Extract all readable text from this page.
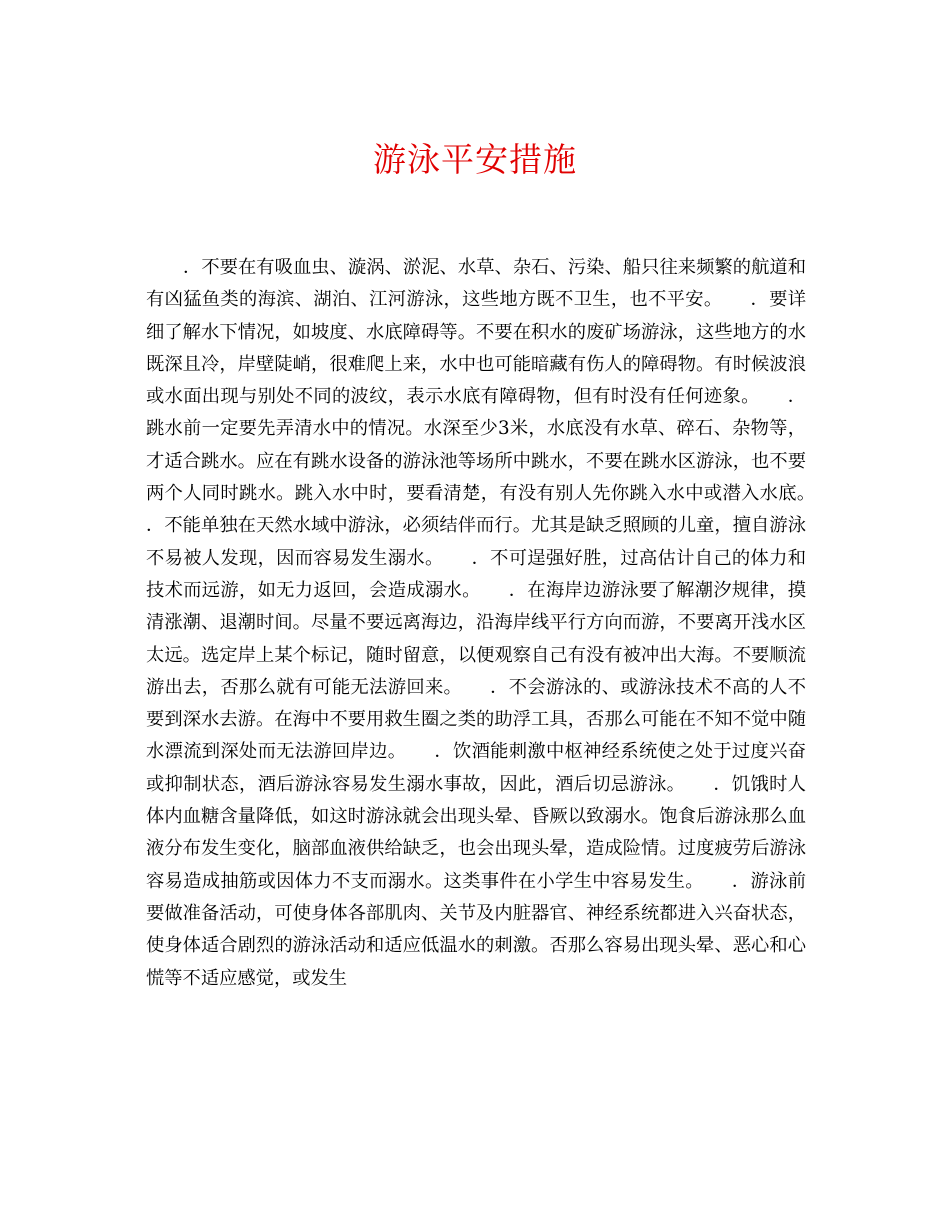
游泳平安措施

．不要在有吸血虫、漩涡、淤泥、水草、杂石、污染、船只往来频繁的航道和有凶猛鱼类的海滨、湖泊、江河游泳，这些地方既不卫生，也不平安。　　．要详细了解水下情况，如坡度、水底障碍等。不要在积水的废矿场游泳，这些地方的水既深且冷，岸壁陡峭，很难爬上来，水中也可能暗藏有伤人的障碍物。有时候波浪或水面出现与别处不同的波纹，表示水底有障碍物，但有时没有任何迹象。　　．跳水前一定要先弄清水中的情况。水深至少3米，水底没有水草、碎石、杂物等，才适合跳水。应在有跳水设备的游泳池等场所中跳水，不要在跳水区游泳，也不要两个人同时跳水。跳入水中时，要看清楚，有没有别人先你跳入水中或潜入水底。　　．不能单独在天然水域中游泳，必须结伴而行。尤其是缺乏照顾的儿童，擅自游泳不易被人发现，因而容易发生溺水。　　．不可逞强好胜，过高估计自己的体力和技术而远游，如无力返回，会造成溺水。　　．在海岸边游泳要了解潮汐规律，摸清涨潮、退潮时间。尽量不要远离海边，沿海岸线平行方向而游，不要离开浅水区太远。选定岸上某个标记，随时留意，以便观察自己有没有被冲出大海。不要顺流游出去，否那么就有可能无法游回来。　　．不会游泳的、或游泳技术不高的人不要到深水去游。在海中不要用救生圈之类的助浮工具，否那么可能在不知不觉中随水漂流到深处而无法游回岸边。　　．饮酒能刺激中枢神经系统使之处于过度兴奋或抑制状态，酒后游泳容易发生溺水事故，因此，酒后切忌游泳。　　．饥饿时人体内血糖含量降低，如这时游泳就会出现头晕、昏厥以致溺水。饱食后游泳那么血液分布发生变化，脑部血液供给缺乏，也会出现头晕，造成险情。过度疲劳后游泳容易造成抽筋或因体力不支而溺水。这类事件在小学生中容易发生。　　．游泳前要做准备活动，可使身体各部肌肉、关节及内脏器官、神经系统都进入兴奋状态，使身体适合剧烈的游泳活动和适应低温水的刺激。否那么容易出现头晕、恶心和心慌等不适应感觉，或发生
